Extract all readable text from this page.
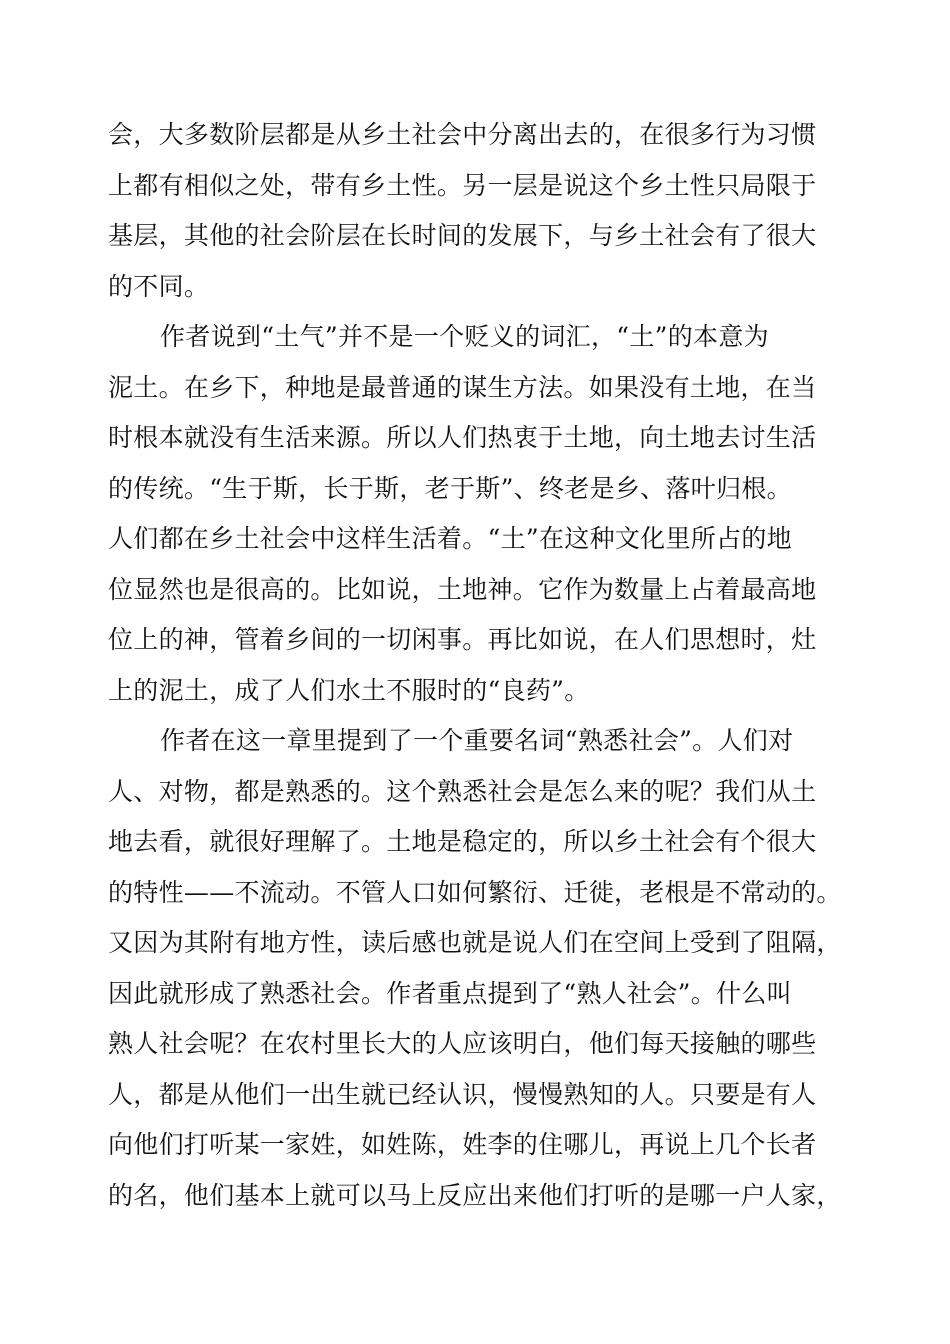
会，大多数阶层都是从乡土社会中分离出去的，在很多行为习惯
上都有相似之处，带有乡土性。另一层是说这个乡土性只局限于
基层，其他的社会阶层在长时间的发展下，与乡土社会有了很大
的不同。
作者说到“土气”并不是一个贬义的词汇，“土”的本意为
泥土。在乡下，种地是最普通的谋生方法。如果没有土地，在当
时根本就没有生活来源。所以人们热衷于土地，向土地去讨生活
的传统。“生于斯，长于斯，老于斯”、终老是乡、落叶归根。
人们都在乡土社会中这样生活着。“土”在这种文化里所占的地
位显然也是很高的。比如说，土地神。它作为数量上占着最高地
位上的神，管着乡间的一切闲事。再比如说，在人们思想时，灶
上的泥土，成了人们水土不服时的“良药”。
作者在这一章里提到了一个重要名词“熟悉社会”。人们对
人、对物，都是熟悉的。这个熟悉社会是怎么来的呢？我们从土
地去看，就很好理解了。土地是稳定的，所以乡土社会有个很大
的特性——不流动。不管人口如何繁衍、迁徙，老根是不常动的。
又因为其附有地方性，读后感也就是说人们在空间上受到了阻隔，
因此就形成了熟悉社会。作者重点提到了“熟人社会”。什么叫
熟人社会呢？在农村里长大的人应该明白，他们每天接触的哪些
人，都是从他们一出生就已经认识，慢慢熟知的人。只要是有人
向他们打听某一家姓，如姓陈，姓李的住哪儿，再说上几个长者
的名，他们基本上就可以马上反应出来他们打听的是哪一户人家，
